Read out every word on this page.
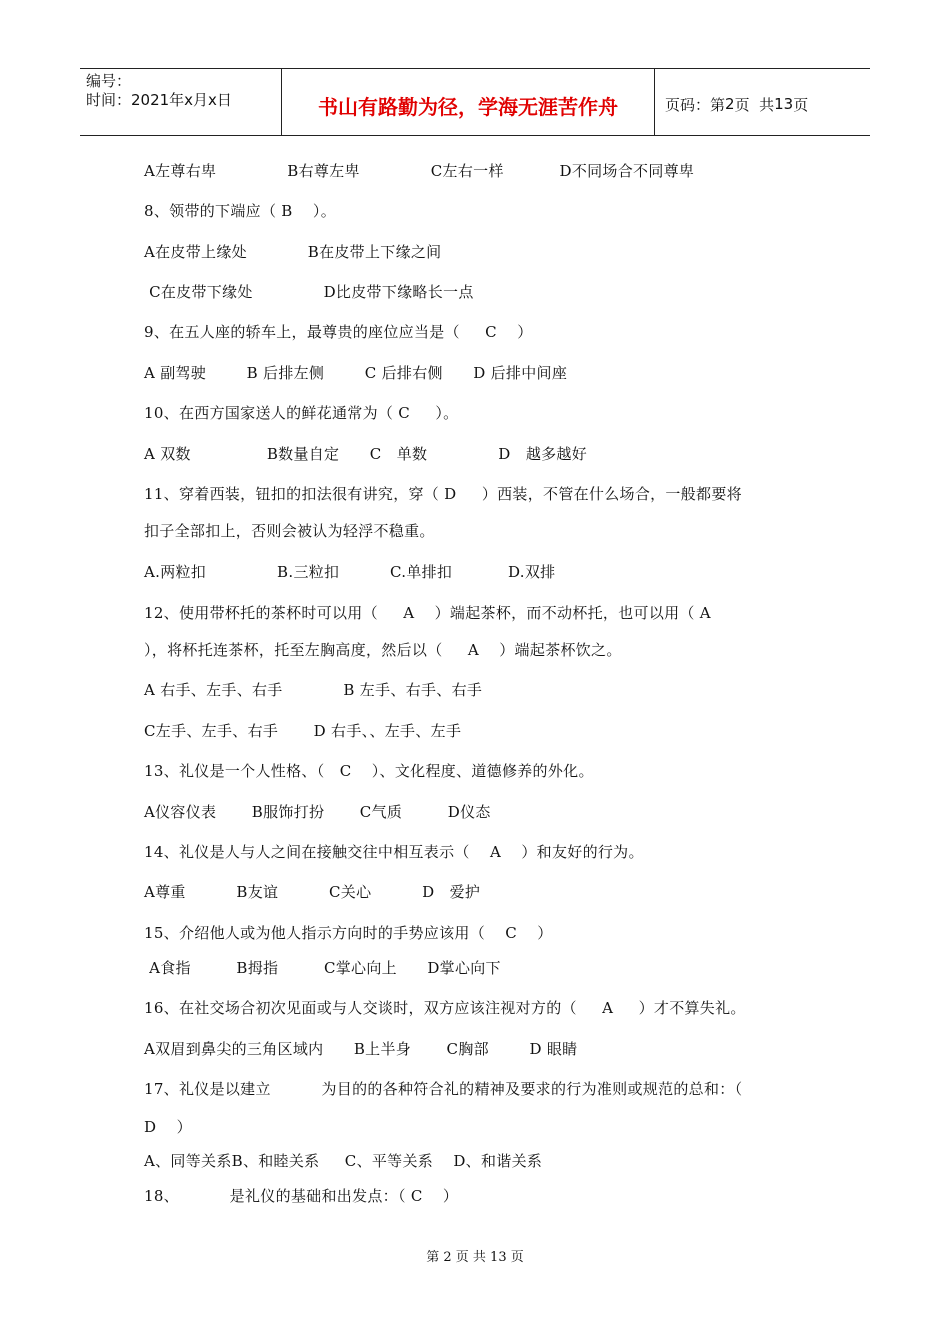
编号：
时间：2021年x月x日	书山有路勤为径，学海无涯苦作舟	页码：第 2 页  共 13 页
A左尊右卑              B右尊左卑              C左右一样           D不同场合不同尊卑
8、领带的下端应（ B    ）。
A在皮带上缘处            B在皮带上下缘之间
C在皮带下缘处              D比皮带下缘略长一点
9、在五人座的轿车上，最尊贵的座位应当是（     C    ）
A 副驾驶        B 后排左侧        C 后排右侧      D 后排中间座
10、在西方国家送人的鲜花通常为（ C     ）。
A 双数               B数量自定      C   单数              D   越多越好
11、穿着西装，钮扣的扣法很有讲究，穿（ D     ）西装，不管在什么场合，一般都要将
扣子全部扣上，否则会被认为轻浮不稳重。
A.两粒扣              B.三粒扣          C.单排扣           D.双排
12、使用带杯托的茶杯时可以用（     A    ）端起茶杯，而不动杯托，也可以用（ A
），将杯托连茶杯，托至左胸高度，然后以（     A    ）端起茶杯饮之。
A 右手、左手、右手            B 左手、右手、右手
C左手、左手、右手       D 右手、、左手、左手
13、礼仪是一个人性格、（   C    ）、文化程度、道德修养的外化。
A仪容仪表       B服饰打扮       C气质         D仪态
14、礼仪是人与人之间在接触交往中相互表示（    A    ）和友好的行为。
A尊重          B友谊          C关心          D   爱护
15、介绍他人或为他人指示方向时的手势应该用（    C    ）
A食指         B拇指         C掌心向上      D掌心向下
16、在社交场合初次见面或与人交谈时，双方应该注视对方的（     A     ）才不算失礼。
A双眉到鼻尖的三角区域内      B上半身       C胸部        D 眼睛
17、礼仪是以建立          为目的的各种符合礼的精神及要求的行为准则或规范的总和：（
D    ）
A、同等关系B、和睦关系     C、平等关系    D、和谐关系
18、          是礼仪的基础和出发点：（ C    ）
第 2 页 共 13 页
